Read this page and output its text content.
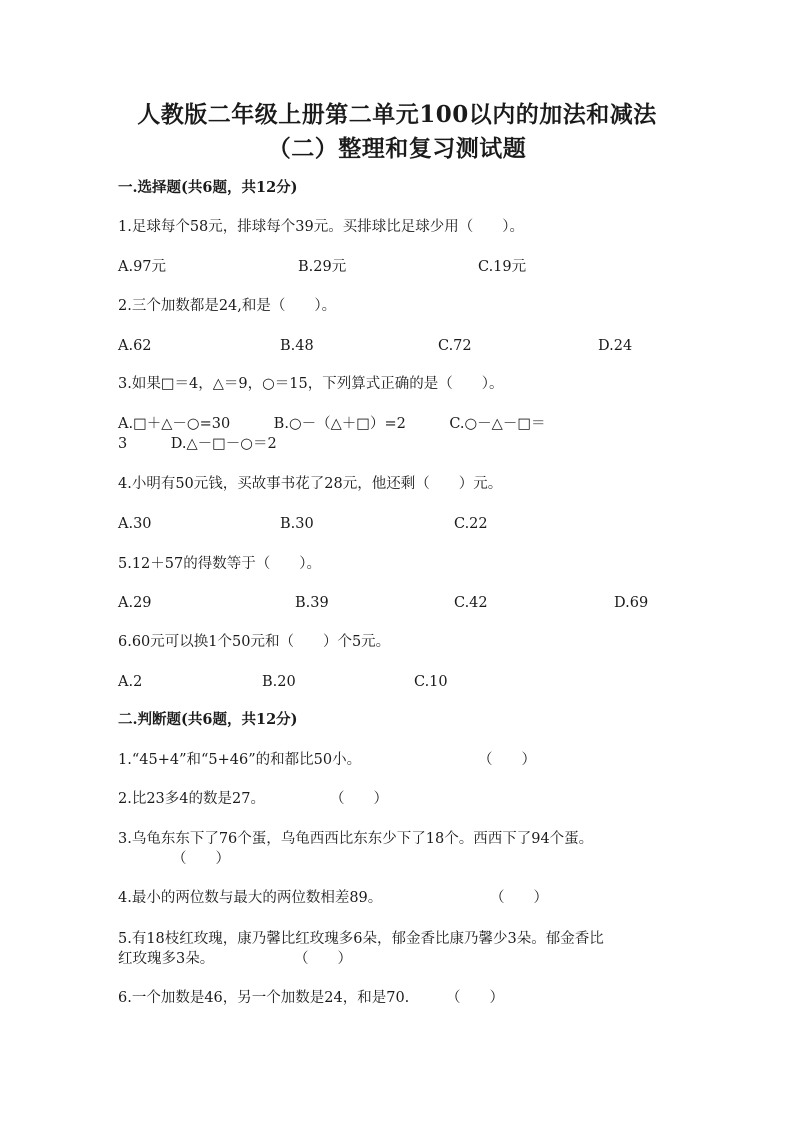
人教版二年级上册第二单元100以内的加法和减法
（二）整理和复习测试题
一.选择题(共6题，共12分)
1.足球每个58元，排球每个39元。买排球比足球少用（　　）。
A.97元	B.29元	C.19元
2.三个加数都是24,和是（　　）。
A.62	B.48	C.72	D.24
3.如果□＝4，△＝9，○＝15，下列算式正确的是（　　）。
A.□＋△－○=30　　　B.○－（△＋□）=2　　　C.○－△－□＝
3　　　D.△－□－○＝2
4.小明有50元钱，买故事书花了28元，他还剩（　　）元。
A.30	B.30	C.22
5.12＋57的得数等于（　　）。
A.29	B.39	C.42	D.69
6.60元可以换1个50元和（　　）个5元。
A.2	B.20	C.10
二.判断题(共6题，共12分)
1.“45+4”和“5+46”的和都比50小。	（　　）
2.比23多4的数是27。	（　　）
3.乌龟东东下了76个蛋，乌龟西西比东东少下了18个。西西下了94个蛋。
（　　）
4.最小的两位数与最大的两位数相差89。	（　　）
5.有18枝红玫瑰，康乃馨比红玫瑰多6朵，郁金香比康乃馨少3朵。郁金香比
红玫瑰多3朵。	（　　）
6.一个加数是46，另一个加数是24，和是70.	（　　）
